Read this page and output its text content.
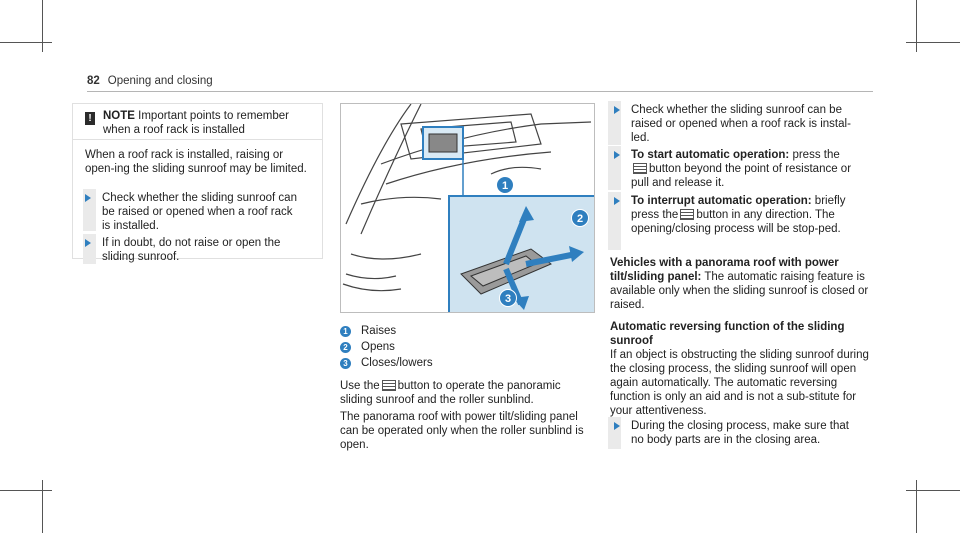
82 Opening and closing
! NOTE Important points to remember when a roof rack is installed
When a roof rack is installed, raising or open-ing the sliding sunroof may be limited.
Check whether the sliding sunroof can be raised or opened when a roof rack is installed.
If in doubt, do not raise or open the sliding sunroof.
1
2
3
1 Raises
2 Opens
3 Closes/lowers
Use the button to operate the panoramic sliding sunroof and the roller sunblind.
The panorama roof with power tilt/sliding panel can be operated only when the roller sunblind is open.
Check whether the sliding sunroof can be raised or opened when a roof rack is instal-led.
To start automatic operation: press the
button beyond the point of resistance or pull and release it.
To interrupt automatic operation: briefly press the button in any direction. The opening/closing process will be stop-ped.
Vehicles with a panorama roof with power tilt/sliding panel: The automatic raising feature is available only when the sliding sunroof is closed or raised.
Automatic reversing function of the sliding sunroof
If an object is obstructing the sliding sunroof during the closing process, the sliding sunroof will open again automatically. The automatic reversing function is only an aid and is not a sub-stitute for your attentiveness.
During the closing process, make sure that no body parts are in the closing area.
